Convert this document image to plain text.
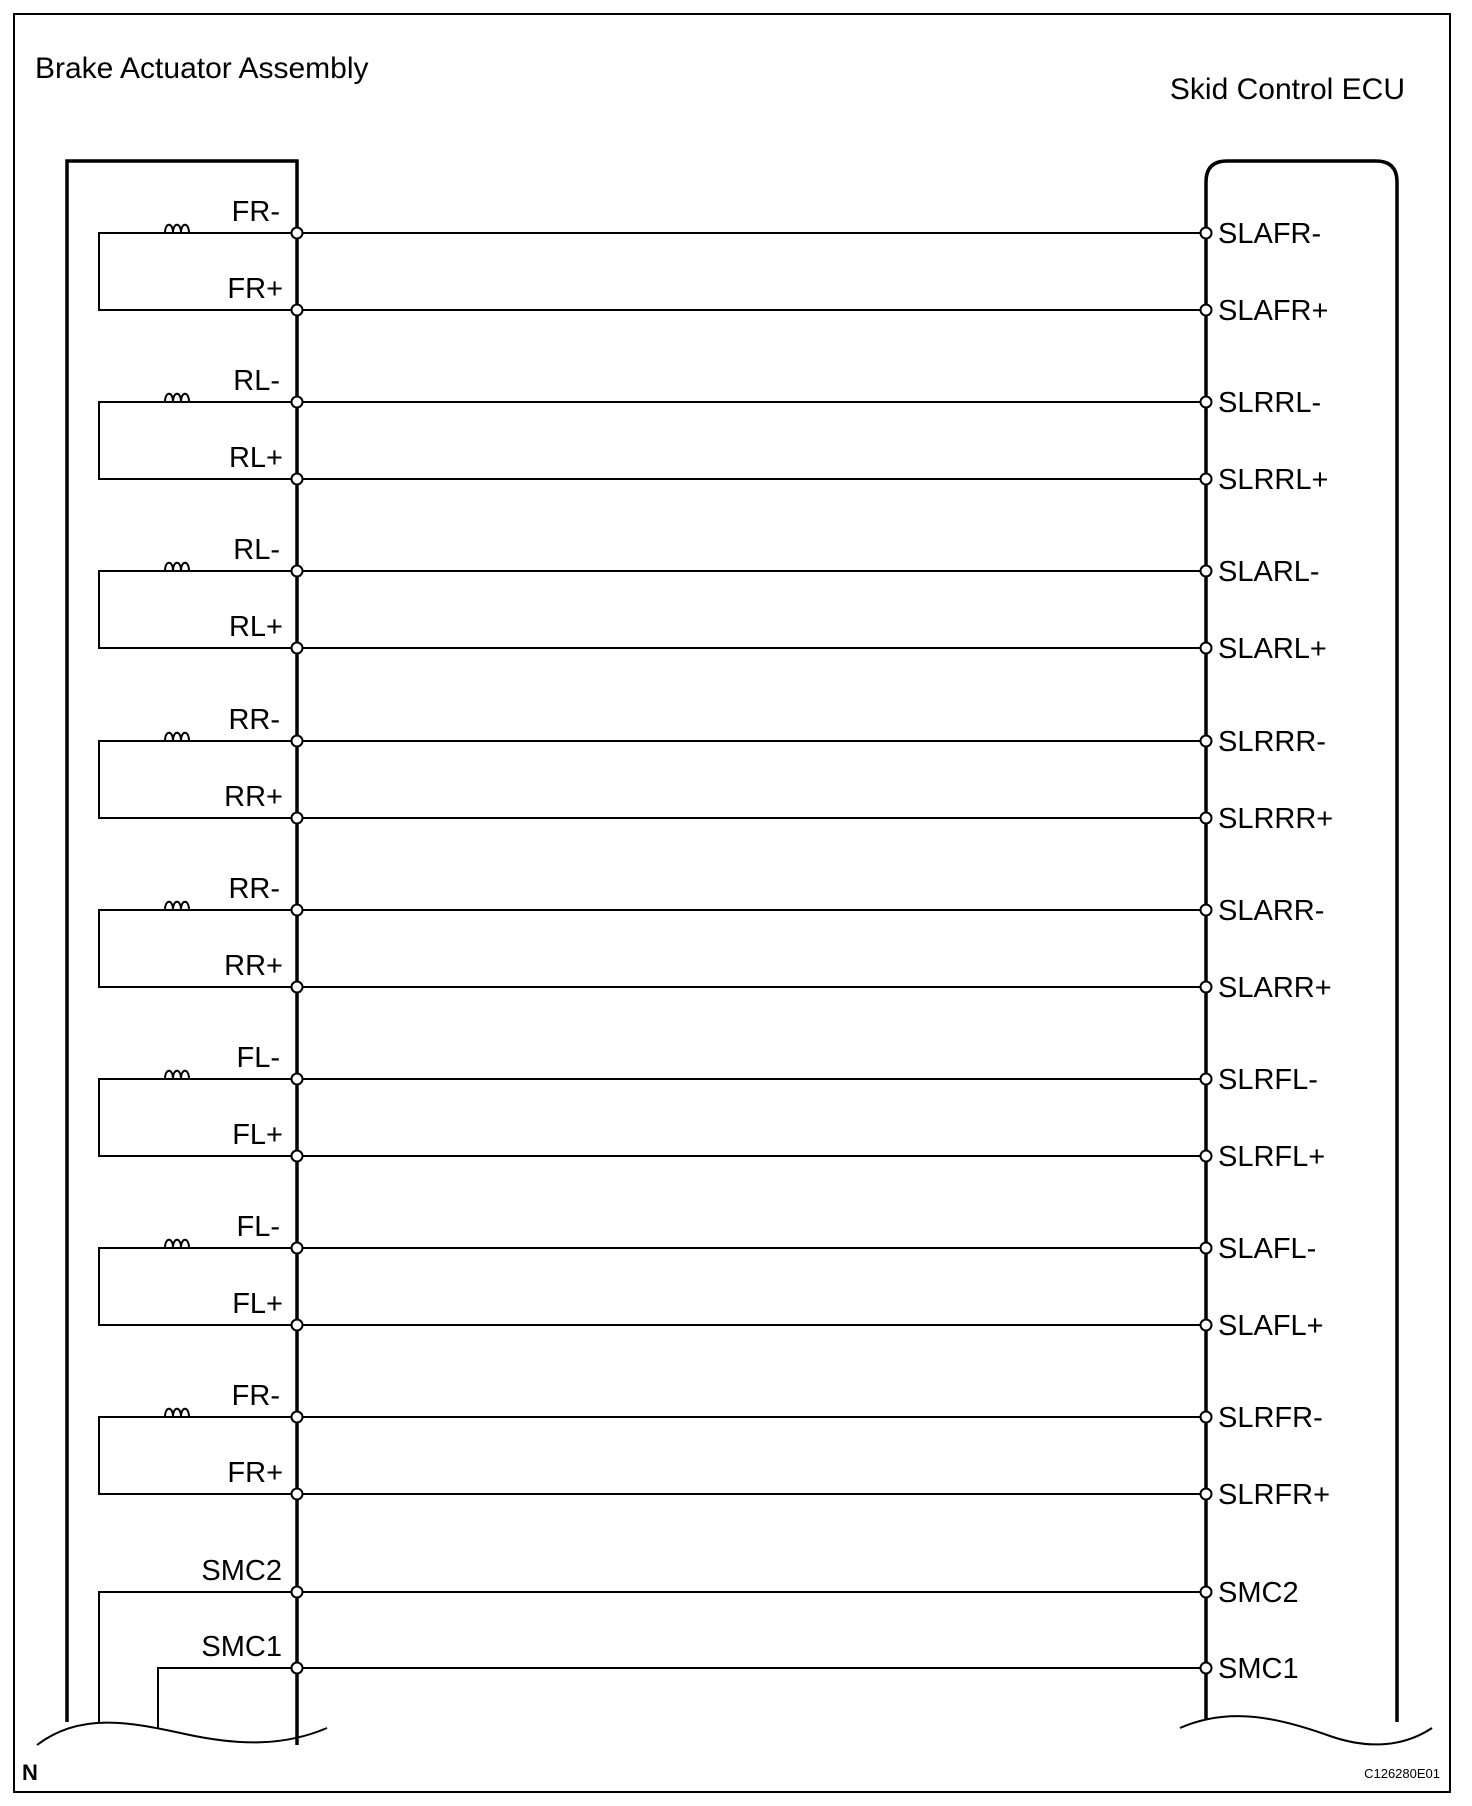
Brake Actuator Assembly
Skid Control ECU
FR-
SLAFR-
FR+
SLAFR+
RL-
SLRRL-
RL+
SLRRL+
RL-
SLARL-
RL+
SLARL+
RR-
SLRRR-
RR+
SLRRR+
RR-
SLARR-
RR+
SLARR+
FL-
SLRFL-
FL+
SLRFL+
FL-
SLAFL-
FL+
SLAFL+
FR-
SLRFR-
FR+
SLRFR+
SMC2
SMC2
SMC1
SMC1
N	C126280E01
